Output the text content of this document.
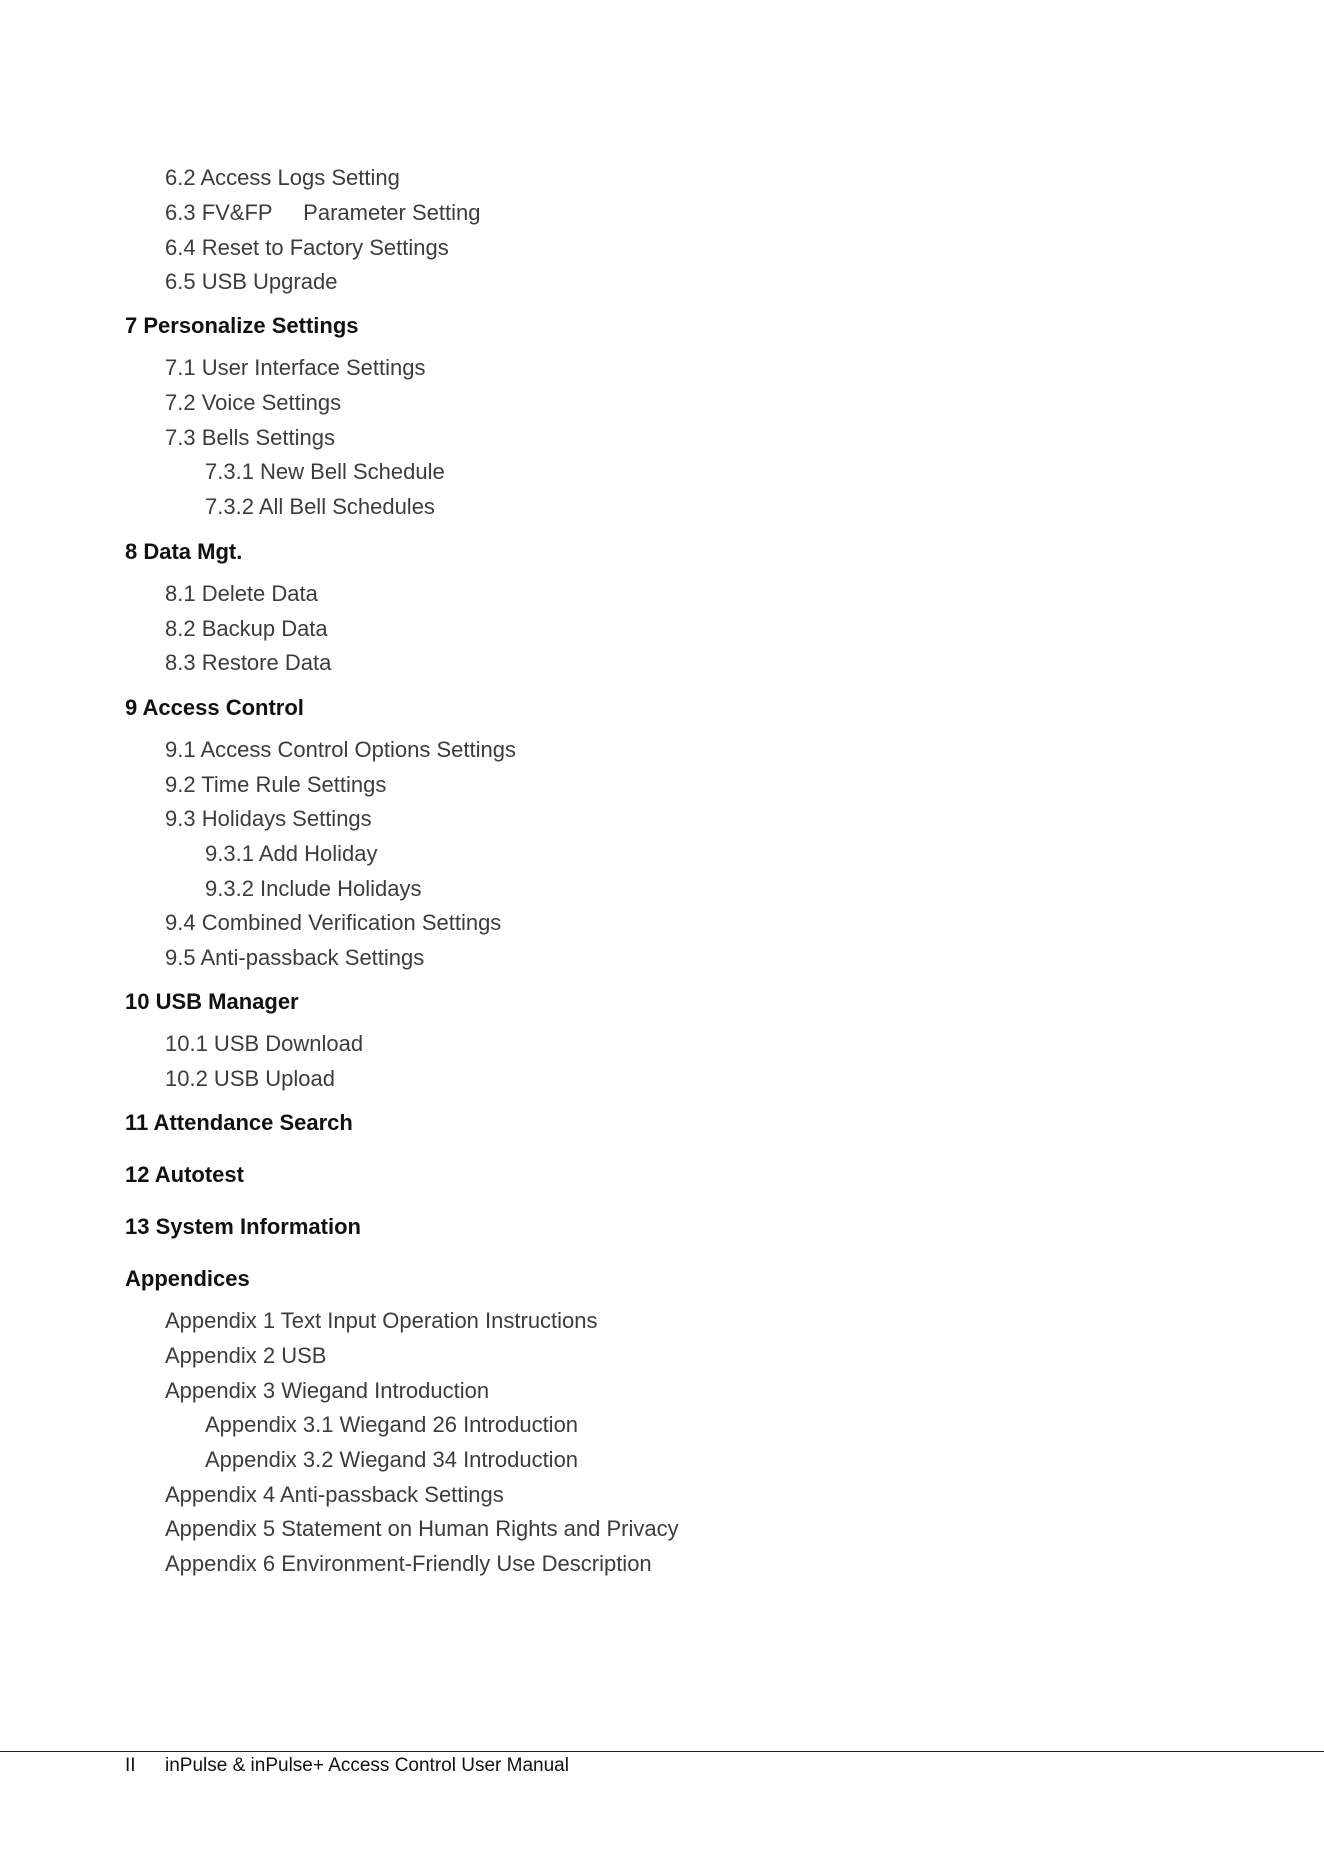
6.2 Access Logs Setting
6.3 FV&FP     Parameter Setting
6.4 Reset to Factory Settings
6.5 USB Upgrade
7 Personalize Settings
7.1 User Interface Settings
7.2 Voice Settings
7.3 Bells Settings
7.3.1 New Bell Schedule
7.3.2 All Bell Schedules
8 Data Mgt.
8.1 Delete Data
8.2 Backup Data
8.3 Restore Data
9 Access Control
9.1 Access Control Options Settings
9.2 Time Rule Settings
9.3 Holidays Settings
9.3.1 Add Holiday
9.3.2 Include Holidays
9.4 Combined Verification Settings
9.5 Anti-passback Settings
10 USB Manager
10.1 USB Download
10.2 USB Upload
11 Attendance Search
12 Autotest
13 System Information
Appendices
Appendix 1 Text Input Operation Instructions
Appendix 2 USB
Appendix 3 Wiegand Introduction
Appendix 3.1 Wiegand 26 Introduction
Appendix 3.2 Wiegand 34 Introduction
Appendix 4 Anti-passback Settings
Appendix 5 Statement on Human Rights and Privacy
Appendix 6 Environment-Friendly Use Description
II inPulse & inPulse+ Access Control User Manual
